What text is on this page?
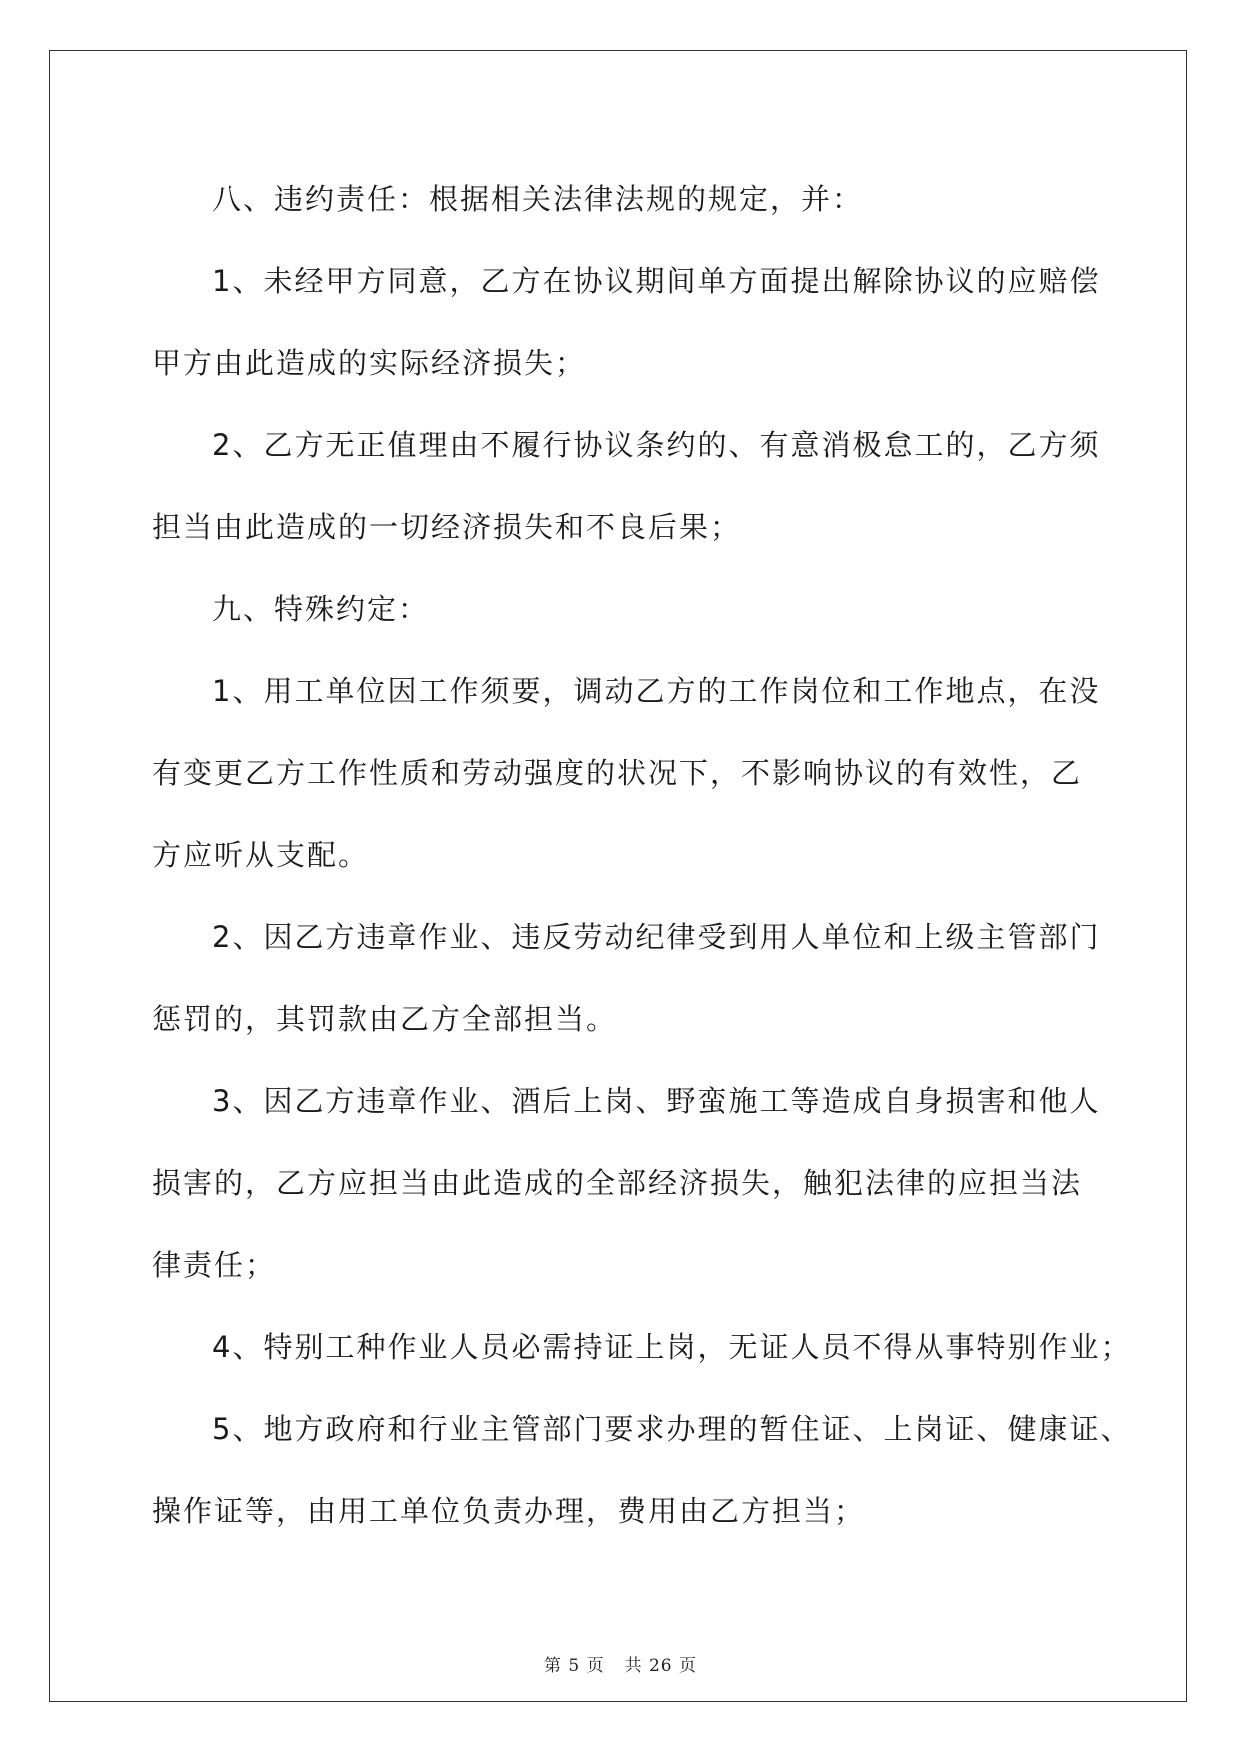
八、违约责任：根据相关法律法规的规定，并：

1、未经甲方同意，乙方在协议期间单方面提出解除协议的应赔偿

甲方由此造成的实际经济损失；

2、乙方无正值理由不履行协议条约的、有意消极怠工的，乙方须

担当由此造成的一切经济损失和不良后果；

九、特殊约定：

1、用工单位因工作须要，调动乙方的工作岗位和工作地点，在没

有变更乙方工作性质和劳动强度的状况下，不影响协议的有效性，乙

方应听从支配。

2、因乙方违章作业、违反劳动纪律受到用人单位和上级主管部门

惩罚的，其罚款由乙方全部担当。

3、因乙方违章作业、酒后上岗、野蛮施工等造成自身损害和他人

损害的，乙方应担当由此造成的全部经济损失，触犯法律的应担当法

律责任；

4、特别工种作业人员必需持证上岗，无证人员不得从事特别作业；

5、地方政府和行业主管部门要求办理的暂住证、上岗证、健康证、

操作证等，由用工单位负责办理，费用由乙方担当；

第 5 页 共 26 页
